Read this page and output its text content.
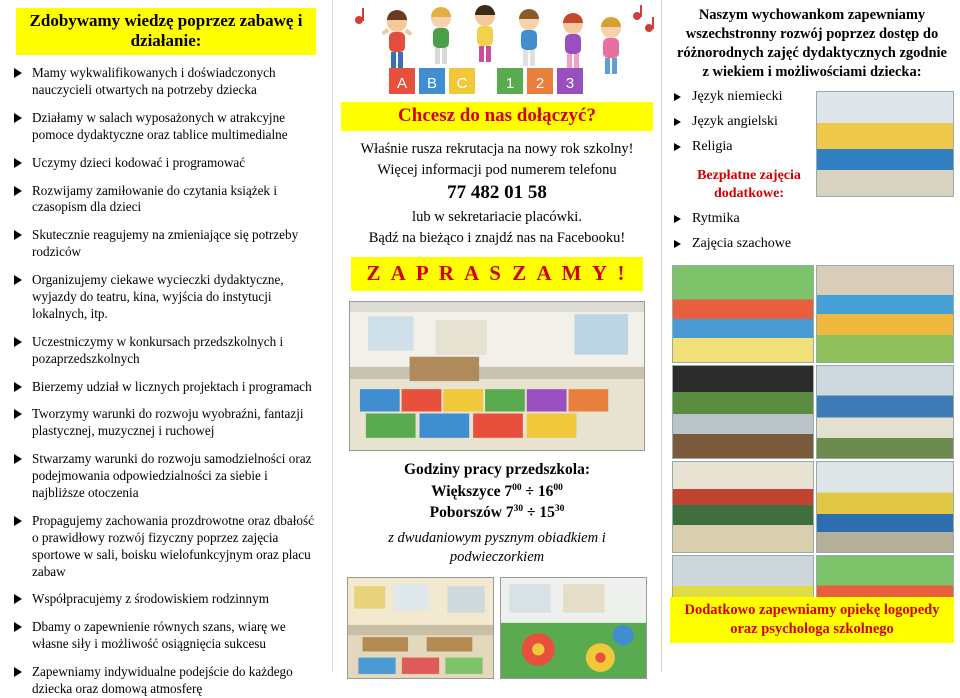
Zdobywamy wiedzę poprzez zabawę i działanie:
Mamy wykwalifikowanych i doświadczonych nauczycieli otwartych na potrzeby dziecka
Działamy w salach wyposażonych w atrakcyjne pomoce dydaktyczne oraz tablice multimedialne
Uczymy dzieci kodować i programować
Rozwijamy zamiłowanie do czytania książek i czasopism dla dzieci
Skutecznie reagujemy na zmieniające się potrzeby rodziców
Organizujemy ciekawe wycieczki dydaktyczne, wyjazdy do teatru, kina, wyjścia do instytucji lokalnych, itp.
Uczestniczymy w konkursach przedszkolnych i pozaprzedszkolnych
Bierzemy udział w licznych projektach i programach
Tworzymy warunki do rozwoju wyobraźni, fantazji plastycznej, muzycznej i ruchowej
Stwarzamy warunki do rozwoju samodzielności oraz podejmowania odpowiedzialności za siebie i najbliższe otoczenia
Propagujemy zachowania prozdrowotne oraz dbałość o prawidłowy rozwój fizyczny poprzez zajęcia sportowe w sali, boisku wielofunkcyjnym oraz placu zabaw
Współpracujemy z środowiskiem rodzinnym
Dbamy o zapewnienie równych szans, wiarę we własne siły i możliwość osiągnięcia sukcesu
Zapewniamy indywidualne podejście do każdego dziecka oraz domową atmosferę
A B C	1 2 3
Chcesz do nas dołączyć?
Właśnie rusza rekrutacja na nowy rok szkolny!
Więcej informacji pod numerem telefonu
77 482 01 58
lub w sekretariacie placówki.
Bądź na bieżąco i znajdź nas na Facebooku!
Z A P R A S Z A M Y !
Godziny pracy przedszkola:
Większyce $7^{00} \div 16^{00}$
Poborszów $7^{30} \div 15^{30}$
z dwudaniowym pysznym obiadkiem i podwieczorkiem
Naszym wychowankom zapewniamy wszechstronny rozwój poprzez dostęp do różnorodnych zajęć dydaktycznych zgodnie z wiekiem i możliwościami dziecka:
Język niemiecki
Język angielski
Religia
Bezpłatne zajęcia dodatkowe:
Rytmika
Zajęcia szachowe
Dodatkowo zapewniamy opiekę logopedy oraz psychologa szkolnego
